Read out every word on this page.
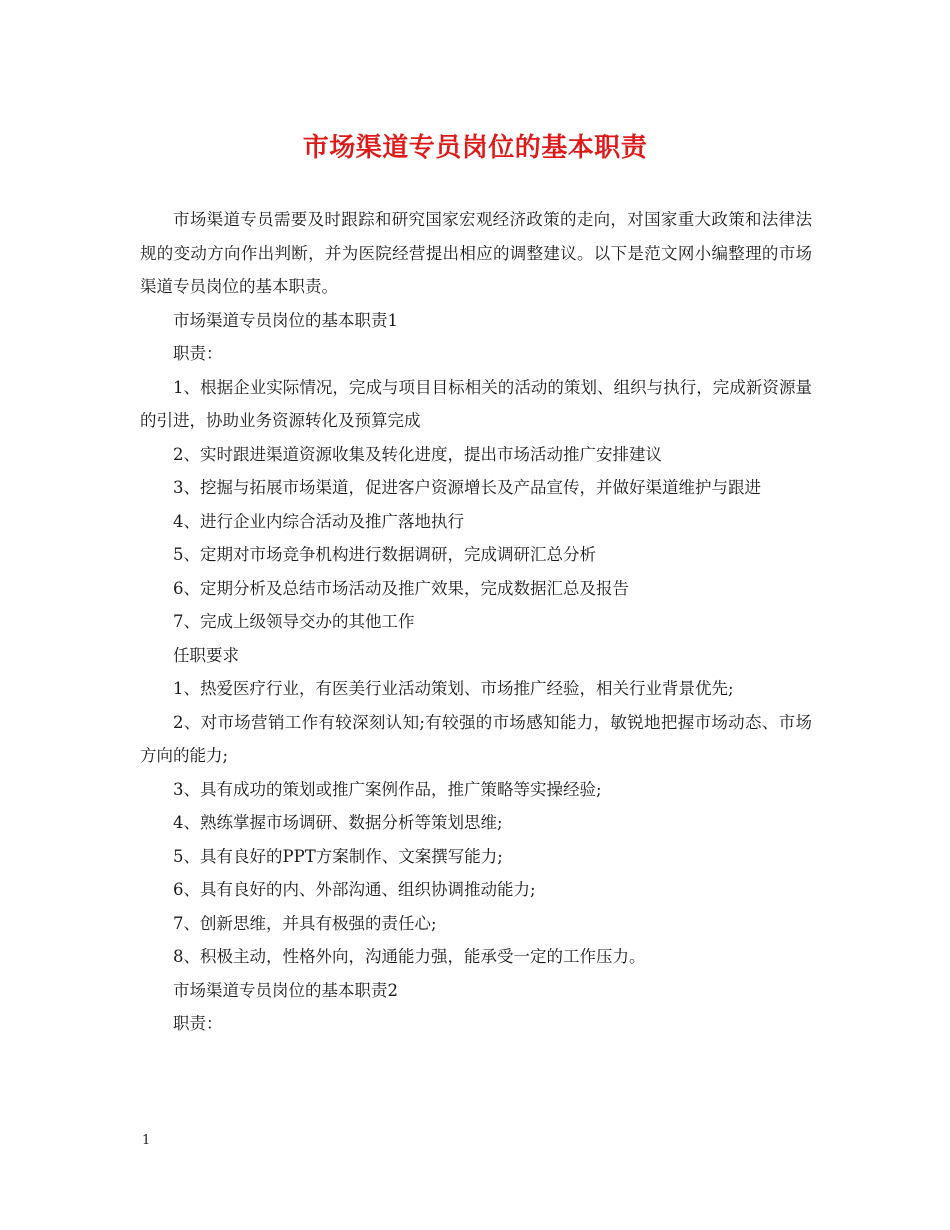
市场渠道专员岗位的基本职责

市场渠道专员需要及时跟踪和研究国家宏观经济政策的走向，对国家重大政策和法律法规的变动方向作出判断，并为医院经营提出相应的调整建议。以下是范文网小编整理的市场渠道专员岗位的基本职责。

市场渠道专员岗位的基本职责1

职责：

1、根据企业实际情况，完成与项目目标相关的活动的策划、组织与执行，完成新资源量的引进，协助业务资源转化及预算完成

2、实时跟进渠道资源收集及转化进度，提出市场活动推广安排建议

3、挖掘与拓展市场渠道，促进客户资源增长及产品宣传，并做好渠道维护与跟进

4、进行企业内综合活动及推广落地执行

5、定期对市场竞争机构进行数据调研，完成调研汇总分析

6、定期分析及总结市场活动及推广效果，完成数据汇总及报告

7、完成上级领导交办的其他工作

任职要求

1、热爱医疗行业，有医美行业活动策划、市场推广经验，相关行业背景优先;

2、对市场营销工作有较深刻认知;有较强的市场感知能力，敏锐地把握市场动态、市场方向的能力;

3、具有成功的策划或推广案例作品，推广策略等实操经验;

4、熟练掌握市场调研、数据分析等策划思维;

5、具有良好的PPT方案制作、文案撰写能力;

6、具有良好的内、外部沟通、组织协调推动能力;

7、创新思维，并具有极强的责任心;

8、积极主动，性格外向，沟通能力强，能承受一定的工作压力。

市场渠道专员岗位的基本职责2

职责：

1
